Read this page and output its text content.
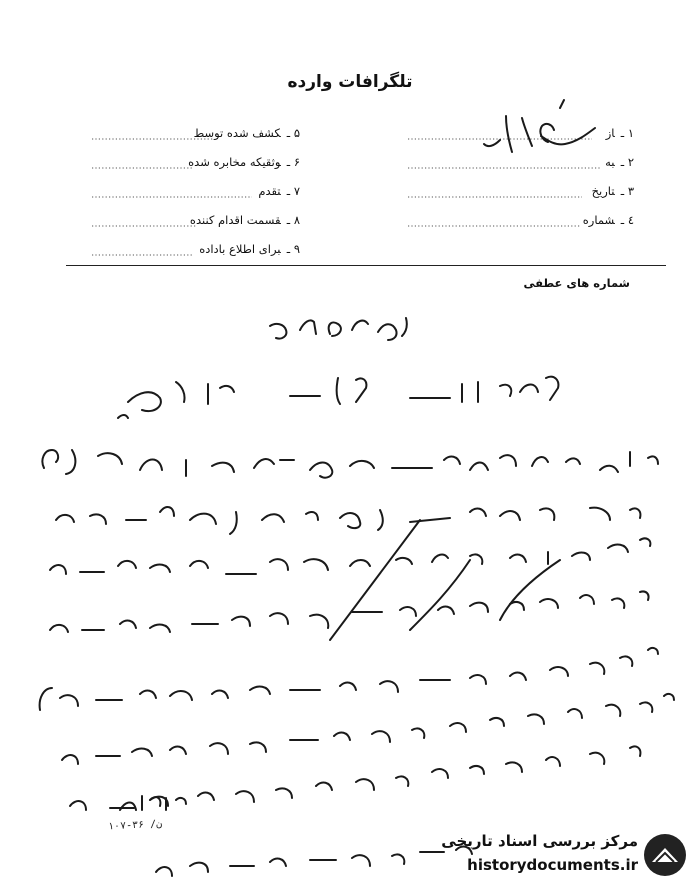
تلگرافات وارده
۱ ـاز
۲ ـبه
۳ ـتاریخ
٤ ـشماره
۵ ـکشف شده توسط
۶ ـوثقیکه مخابره شده
۷ ـتقدم
۸ ـقسمت اقدام کننده
۹ ـبرای اطلاع باداده
شماره های عطفی
۱۰۷-۳۶ /ن
مرکز بررسی اسناد تاریخی
historydocuments.ir
